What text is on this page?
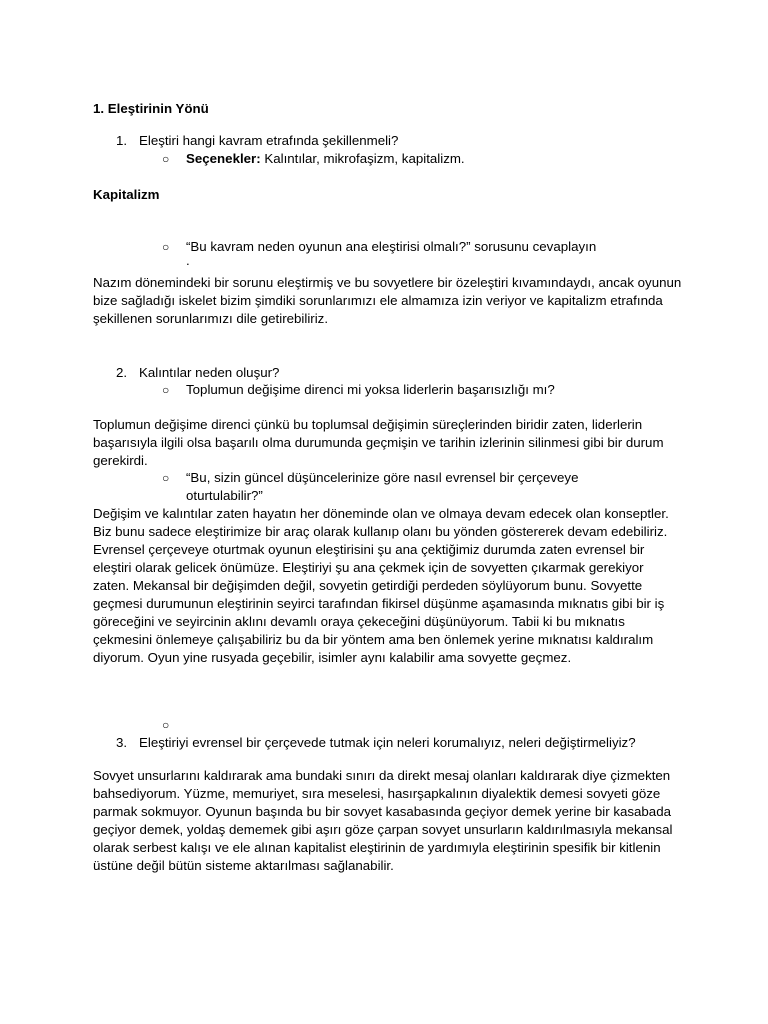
1. Eleştirinin Yönü
1. Eleştiri hangi kavram etrafında şekillenmeli?
○ Seçenekler: Kalıntılar, mikrofaşizm, kapitalizm.
Kapitalizm
○ “Bu kavram neden oyunun ana eleştirisi olmalı?” sorusunu cevaplayın
.
Nazım dönemindeki bir sorunu eleştirmiş ve bu sovyetlere bir özeleştiri kıvamındaydı, ancak oyunun bize sağladığı iskelet bizim şimdiki sorunlarımızı ele almamıza izin veriyor ve kapitalizm etrafında şekillenen sorunlarımızı dile getirebiliriz.
2. Kalıntılar neden oluşur?
○ Toplumun değişime direnci mi yoksa liderlerin başarısızlığı mı?
Toplumun değişime direnci çünkü bu toplumsal değişimin süreçlerinden biridir zaten, liderlerin başarısıyla ilgili olsa başarılı olma durumunda geçmişin ve tarihin izlerinin silinmesi gibi bir durum gerekirdi.
○ “Bu, sizin güncel düşüncelerinize göre nasıl evrensel bir çerçeveye
oturtulabilir?”
Değişim ve kalıntılar zaten hayatın her döneminde olan ve olmaya devam edecek olan konseptler. Biz bunu sadece eleştirimize bir araç olarak kullanıp olanı bu yönden göstererek devam edebiliriz. Evrensel çerçeveye oturtmak oyunun eleştirisini şu ana çektiğimiz durumda zaten evrensel bir eleştiri olarak gelicek önümüze. Eleştiriyi şu ana çekmek için de sovyetten çıkarmak gerekiyor zaten. Mekansal bir değişimden değil, sovyetin getirdiği perdeden söylüyorum bunu. Sovyette geçmesi durumunun eleştirinin seyirci tarafından fikirsel düşünme aşamasında mıknatıs gibi bir iş göreceğini ve seyircinin aklını devamlı oraya çekeceğini düşünüyorum. Tabii ki bu mıknatıs çekmesini önlemeye çalışabiliriz bu da bir yöntem ama ben önlemek yerine mıknatısı kaldıralım diyorum. Oyun yine rusyada geçebilir, isimler aynı kalabilir ama sovyette geçmez.
○
3. Eleştiriyi evrensel bir çerçevede tutmak için neleri korumalıyız, neleri değiştirmeliyiz?
Sovyet unsurlarını kaldırarak ama bundaki sınırı da direkt mesaj olanları kaldırarak diye çizmekten bahsediyorum. Yüzme, memuriyet, sıra meselesi, hasırşapkalının diyalektik demesi sovyeti göze parmak sokmuyor. Oyunun başında bu bir sovyet kasabasında geçiyor demek yerine bir kasabada geçiyor demek, yoldaş dememek gibi aşırı göze çarpan sovyet unsurların kaldırılmasıyla mekansal olarak serbest kalışı ve ele alınan kapitalist eleştirinin de yardımıyla eleştirinin spesifik bir kitlenin üstüne değil bütün sisteme aktarılması sağlanabilir.
